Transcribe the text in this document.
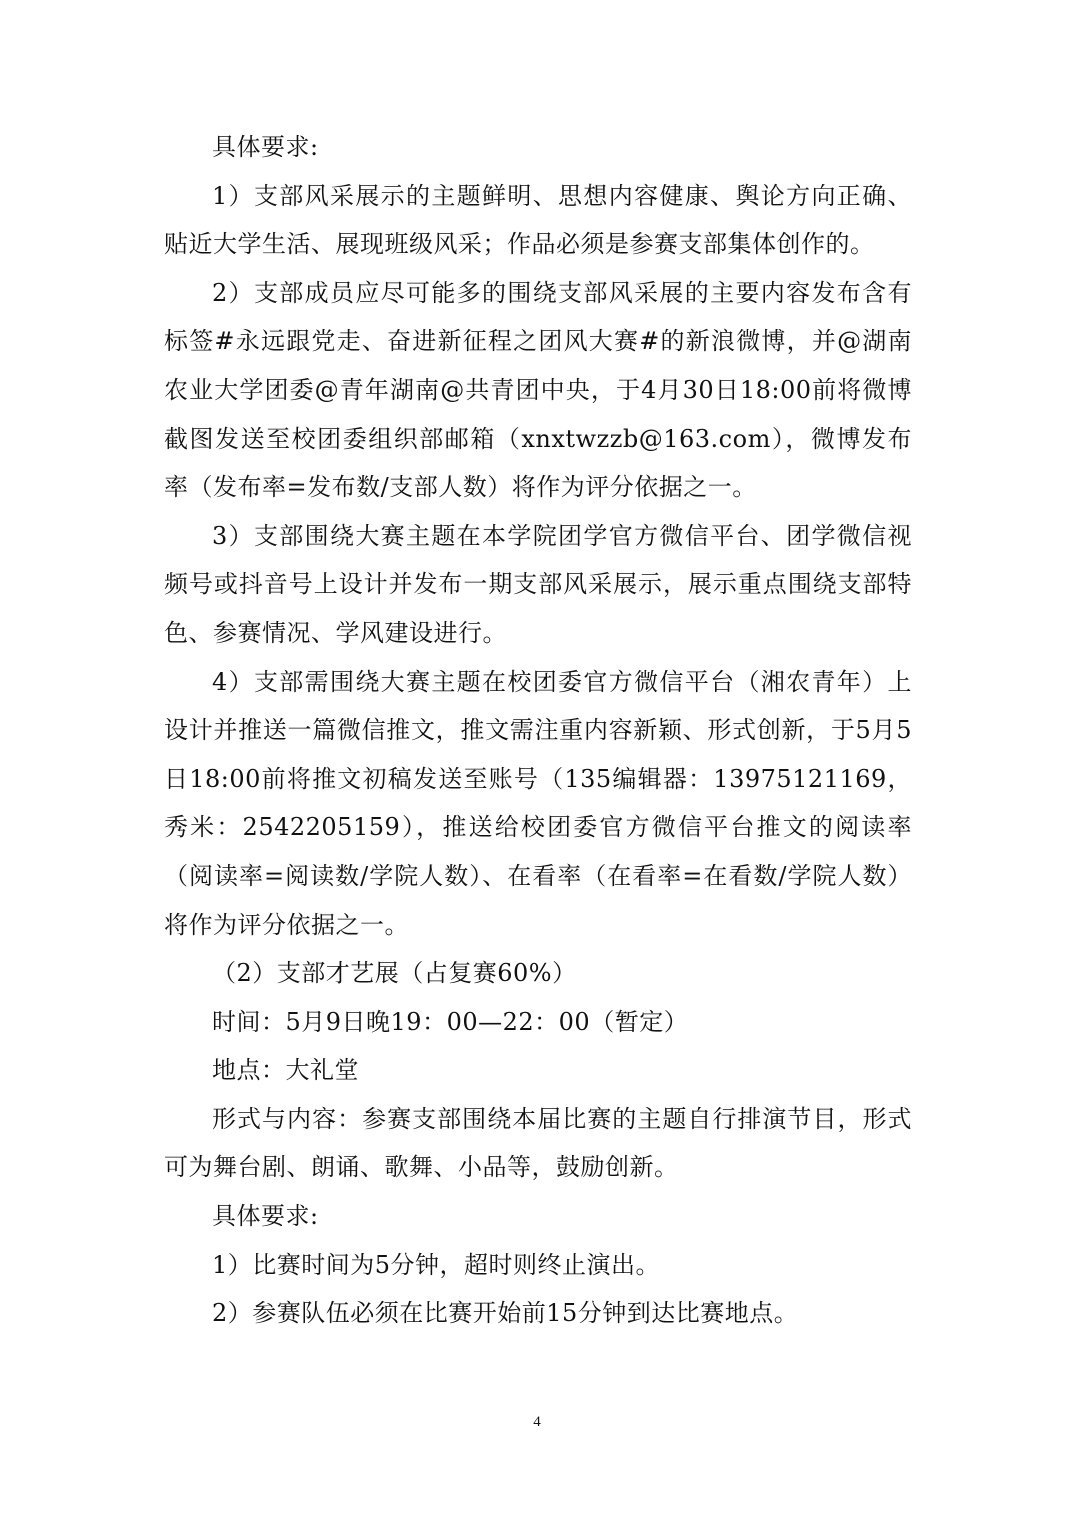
具体要求:

1）支部风采展示的主题鲜明、思想内容健康、舆论方向正确、贴近大学生活、展现班级风采；作品必须是参赛支部集体创作的。

2）支部成员应尽可能多的围绕支部风采展的主要内容发布含有标签#永远跟党走、奋进新征程之团风大赛#的新浪微博，并@湖南农业大学团委@青年湖南@共青团中央，于4月30日18:00前将微博截图发送至校团委组织部邮箱（xnxtwzzb@163.com），微博发布率（发布率=发布数/支部人数）将作为评分依据之一。

3）支部围绕大赛主题在本学院团学官方微信平台、团学微信视频号或抖音号上设计并发布一期支部风采展示，展示重点围绕支部特色、参赛情况、学风建设进行。

4）支部需围绕大赛主题在校团委官方微信平台（湘农青年）上设计并推送一篇微信推文，推文需注重内容新颖、形式创新，于5月5日18:00前将推文初稿发送至账号（135编辑器：13975121169，秀米：2542205159），推送给校团委官方微信平台推文的阅读率（阅读率=阅读数/学院人数）、在看率（在看率=在看数/学院人数）将作为评分依据之一。

（2）支部才艺展（占复赛60%）

时间：5月9日晚19：00—22：00（暂定）

地点：大礼堂

形式与内容：参赛支部围绕本届比赛的主题自行排演节目，形式可为舞台剧、朗诵、歌舞、小品等，鼓励创新。

具体要求:

1）比赛时间为5分钟，超时则终止演出。

2）参赛队伍必须在比赛开始前15分钟到达比赛地点。

4
